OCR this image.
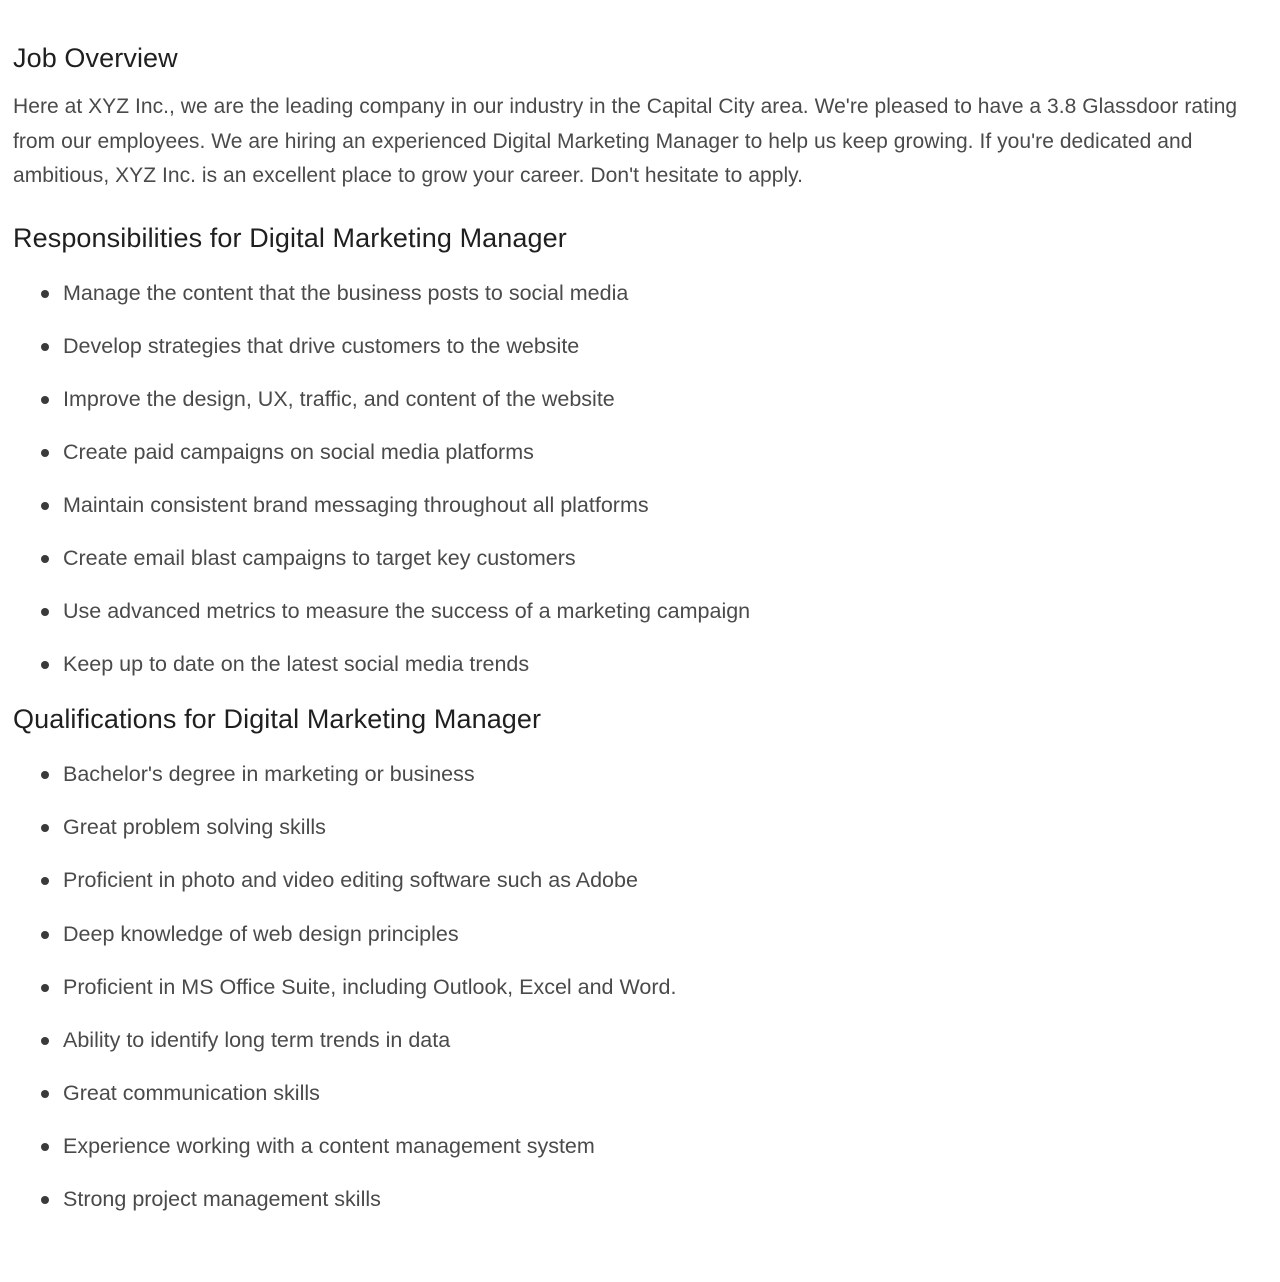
Job Overview

Here at XYZ Inc., we are the leading company in our industry in the Capital City area. We're pleased to have a 3.8 Glassdoor rating from our employees. We are hiring an experienced Digital Marketing Manager to help us keep growing. If you're dedicated and ambitious, XYZ Inc. is an excellent place to grow your career. Don't hesitate to apply.

Responsibilities for Digital Marketing Manager
Manage the content that the business posts to social media
Develop strategies that drive customers to the website
Improve the design, UX, traffic, and content of the website
Create paid campaigns on social media platforms
Maintain consistent brand messaging throughout all platforms
Create email blast campaigns to target key customers
Use advanced metrics to measure the success of a marketing campaign
Keep up to date on the latest social media trends
Qualifications for Digital Marketing Manager
Bachelor's degree in marketing or business
Great problem solving skills
Proficient in photo and video editing software such as Adobe
Deep knowledge of web design principles
Proficient in MS Office Suite, including Outlook, Excel and Word.
Ability to identify long term trends in data
Great communication skills
Experience working with a content management system
Strong project management skills
